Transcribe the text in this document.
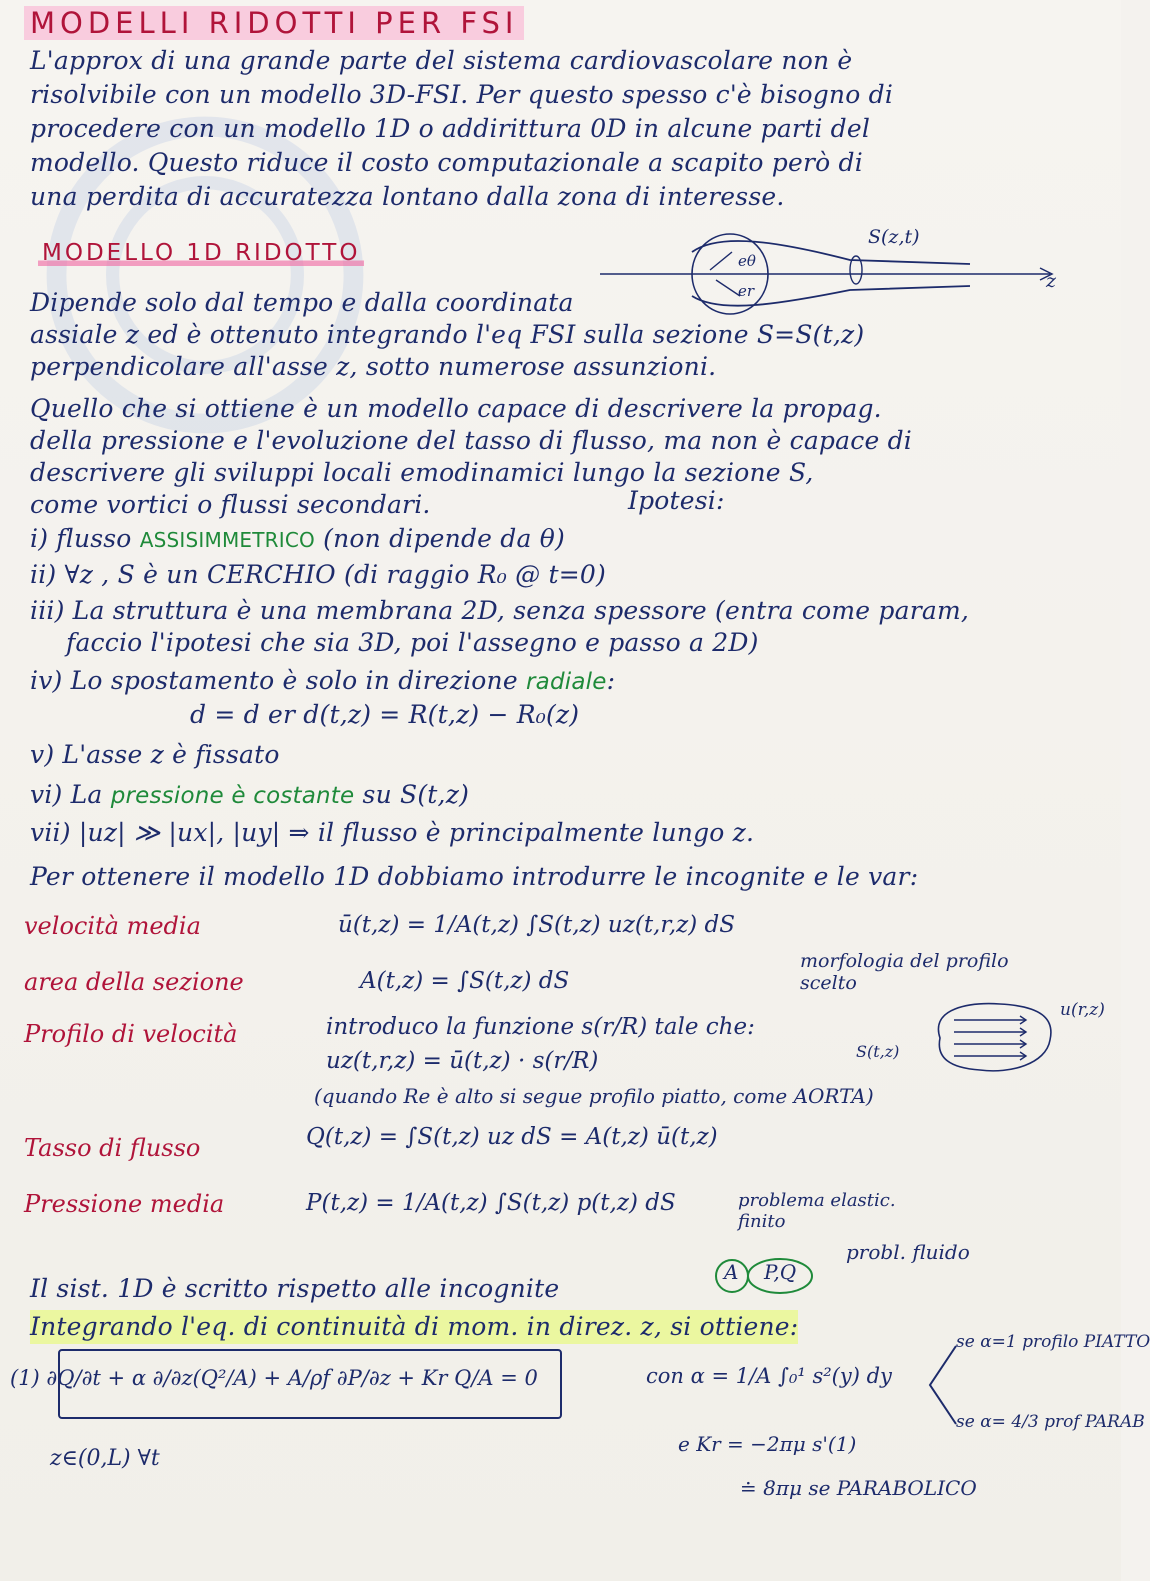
MODELLI RIDOTTI PER FSI
L'approx di una grande parte del sistema cardiovascolare non è
risolvibile con un modello 3D-FSI. Per questo spesso c'è bisogno di
procedere con un modello 1D o addirittura 0D in alcune parti del
modello. Questo riduce il costo computazionale a scapito però di
una perdita di accuratezza lontano dalla zona di interesse.
MODELLO 1D RIDOTTO
S(z,t)
z
eθ
er
Dipende solo dal tempo e dalla coordinata
assiale z ed è ottenuto integrando l'eq FSI sulla sezione S=S(t,z)
perpendicolare all'asse z, sotto numerose assunzioni.
Quello che si ottiene è un modello capace di descrivere la propag.
della pressione e l'evoluzione del tasso di flusso, ma non è capace di
descrivere gli sviluppi locali emodinamici lungo la sezione S,
come vortici o flussi secondari.	Ipotesi:
i) flusso ASSISIMMETRICO (non dipende da θ)
ii) ∀z , S è un CERCHIO (di raggio R₀ @ t=0)
iii) La struttura è una membrana 2D, senza spessore (entra come param,
faccio l'ipotesi che sia 3D, poi l'assegno e passo a 2D)
iv) Lo spostamento è solo in direzione radiale:
d = d er d(t,z) = R(t,z) − R₀(z)
v) L'asse z è fissato
vi) La pressione è costante su S(t,z)
vii) |uz| ≫ |ux|, |uy| ⇒ il flusso è principalmente lungo z.
Per ottenere il modello 1D dobbiamo introdurre le incognite e le var:
velocità media	ū(t,z) = 1/A(t,z) ∫S(t,z) uz(t,r,z) dS
area della sezione	A(t,z) = ∫S(t,z) dS
morfologia del profilo scelto
Profilo di velocità	introduco la funzione s(r/R) tale che:
uz(t,r,z) = ū(t,z) · s(r/R)
(quando Re è alto si segue profilo piatto, come AORTA)
u(r,z)
S(t,z)
Tasso di flusso	Q(t,z) = ∫S(t,z) uz dS = A(t,z) ū(t,z)
Pressione media	P(t,z) = 1/A(t,z) ∫S(t,z) p(t,z) dS	problema elastic. finito
Il sist. 1D è scritto rispetto alle incognite
A P,Q
probl. fluido
Integrando l'eq. di continuità di mom. in direz. z, si ottiene:
(1) ∂Q/∂t + α ∂/∂z(Q²/A) + A/ρf ∂P/∂z + Kr Q/A = 0	con α = 1/A ∫₀¹ s²(y) dy
e Kr = −2πμ s'(1)
≐ 8πμ se PARABOLICO
z∈(0,L) ∀t
se α=1 profilo PIATTO
se α= 4/3 prof PARAB
